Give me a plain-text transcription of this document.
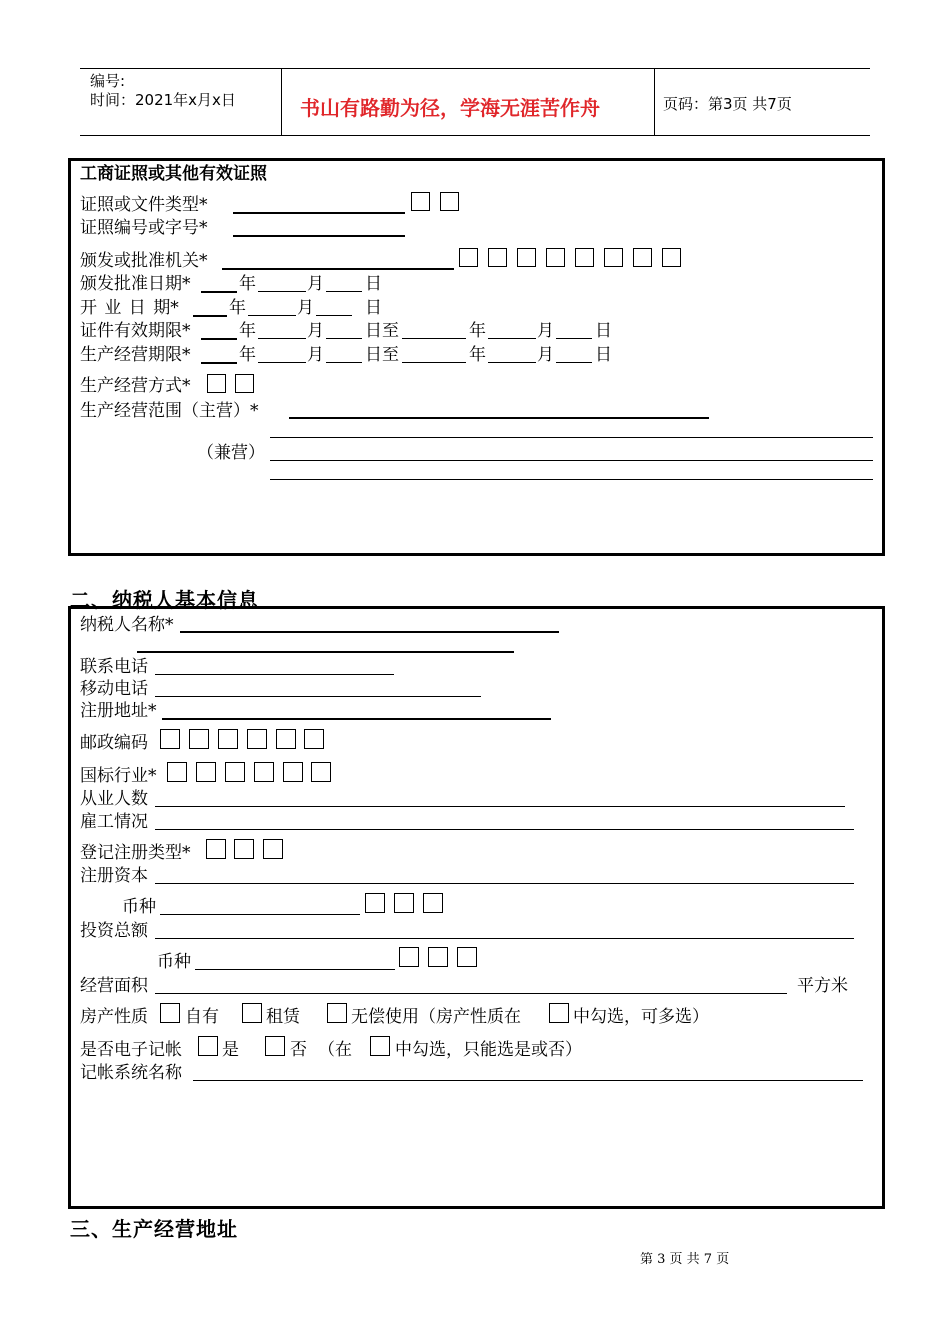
编号:
时间：2021年x月x日	书山有路勤为径，学海无涯苦作舟	页码：第3页 共7页
工商证照或其他有效证照
证照或文件类型*
证照编号或字号*
颁发或批准机关*
颁发批准日期*	年	月 日
开 业 日 期*	年	月	日
证件有效期限*	年	月 日至	年	月 日
生产经营期限*	年	月 日至	年	月 日
生产经营方式*
生产经营范围（主营）*
（兼营）
二、纳税人基本信息
纳税人名称*
联系电话
移动电话
注册地址*
邮政编码
国标行业*
从业人数
雇工情况
登记注册类型*
注册资本
币种
投资总额
币种
经营面积	平方米
房产性质 自有	租赁	无偿使用（房产性质在	中勾选，可多选）
是否电子记帐 是	否 （在	中勾选，只能选是或否）
记帐系统名称
三、生产经营地址
第 3 页 共 7 页
